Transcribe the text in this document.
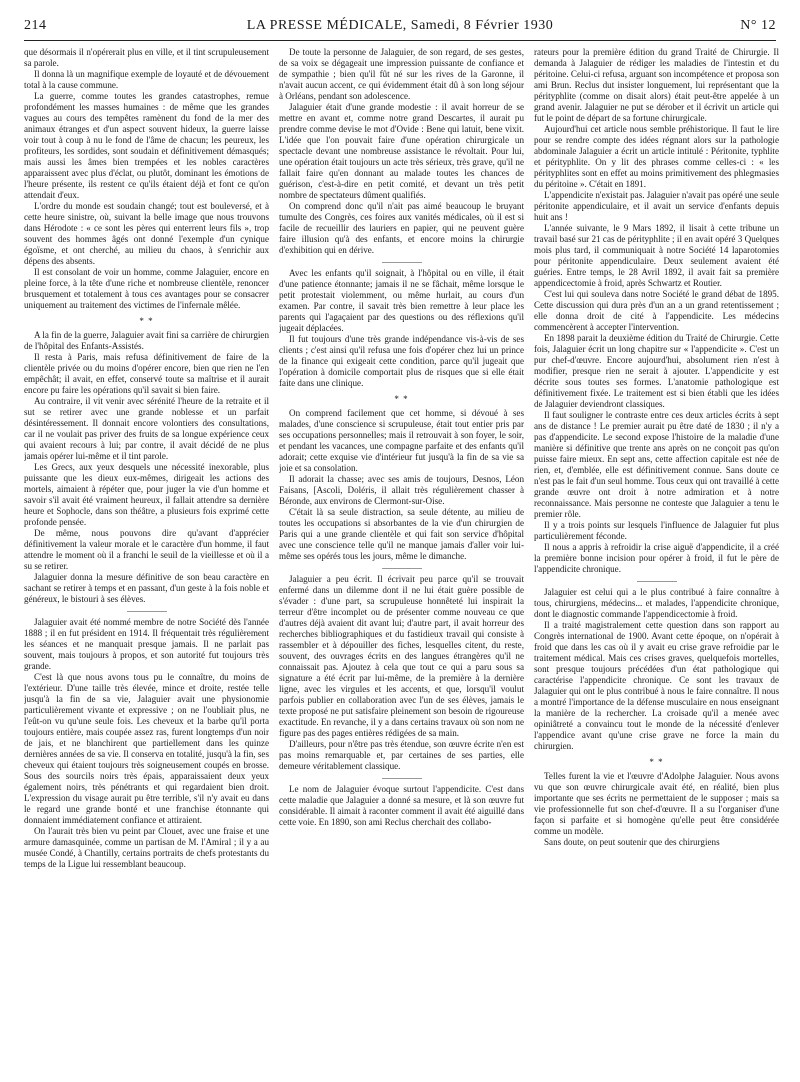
214	LA PRESSE MÉDICALE, Samedi, 8 Février 1930	N° 12

que désormais il n'opérerait plus en ville, et il tint scrupuleusement sa parole.

Il donna là un magnifique exemple de loyauté et de dévouement total à la cause commune.

La guerre, comme toutes les grandes catastrophes, remue profondément les masses humaines : de même que les grandes vagues au cours des tempêtes ramènent du fond de la mer des animaux étranges et d'un aspect souvent hideux, la guerre laisse voir tout à coup à nu le fond de l'âme de chacun; les peureux, les profiteurs, les sordides, sont soudain et définitivement démasqués; mais aussi les âmes bien trempées et les nobles caractères apparaissent avec plus d'éclat, ou plutôt, dominant les émotions de l'heure présente, ils restent ce qu'ils étaient déjà et font ce qu'on attendait d'eux.

L'ordre du monde est soudain changé; tout est bouleversé, et à cette heure sinistre, où, suivant la belle image que nous trouvons dans Hérodote : « ce sont les pères qui enterrent leurs fils », trop souvent des hommes âgés ont donné l'exemple d'un cynique égoïsme, et ont cherché, au milieu du chaos, à s'enrichir aux dépens des absents.

Il est consolant de voir un homme, comme Jalaguier, encore en pleine force, à la tête d'une riche et nombreuse clientèle, renoncer brusquement et totalement à tous ces avantages pour se consacrer uniquement au traitement des victimes de l'infernale mêlée.

* *

A la fin de la guerre, Jalaguier avait fini sa carrière de chirurgien de l'hôpital des Enfants-Assistés.

Il resta à Paris, mais refusa définitivement de faire de la clientèle privée ou du moins d'opérer encore, bien que rien ne l'en empêchât; il avait, en effet, conservé toute sa maîtrise et il aurait encore pu faire les opérations qu'il savait si bien faire.

Au contraire, il vit venir avec sérénité l'heure de la retraite et il sut se retirer avec une grande noblesse et un parfait désintéressement. Il donnait encore volontiers des consultations, car il ne voulait pas priver des fruits de sa longue expérience ceux qui avaient recours à lui; par contre, il avait décidé de ne plus jamais opérer lui-même et il tint parole.

Les Grecs, aux yeux desquels une nécessité inexorable, plus puissante que les dieux eux-mêmes, dirigeait les actions des mortels, aimaient à répéter que, pour juger la vie d'un homme et savoir s'il avait été vraiment heureux, il fallait attendre sa dernière heure et Sophocle, dans son théâtre, a plusieurs fois exprimé cette profonde pensée.

De même, nous pouvons dire qu'avant d'apprécier définitivement la valeur morale et le caractère d'un homme, il faut attendre le moment où il a franchi le seuil de la vieillesse et où il a su se retirer.

Jalaguier donna la mesure définitive de son beau caractère en sachant se retirer à temps et en passant, d'un geste à la fois noble et généreux, le bistouri à ses élèves.

Jalaguier avait été nommé membre de notre Société dès l'année 1888 ; il en fut président en 1914. Il fréquentait très régulièrement les séances et ne manquait presque jamais. Il ne parlait pas souvent, mais toujours à propos, et son autorité fut toujours très grande.

C'est là que nous avons tous pu le connaître, du moins de l'extérieur. D'une taille très élevée, mince et droite, restée telle jusqu'à la fin de sa vie, Jalaguier avait une physionomie particulièrement vivante et expressive ; on ne l'oubliait plus, ne l'eût-on vu qu'une seule fois. Les cheveux et la barbe qu'il porta toujours entière, mais coupée assez ras, furent longtemps d'un noir de jais, et ne blanchirent que partiellement dans les quinze dernières années de sa vie. Il conserva en totalité, jusqu'à la fin, ses cheveux qui étaient toujours très soigneusement coupés en brosse. Sous des sourcils noirs très épais, apparaissaient deux yeux également noirs, très pénétrants et qui regardaient bien droit. L'expression du visage aurait pu être terrible, s'il n'y avait eu dans le regard une grande bonté et une franchise étonnante qui donnaient immédiatement confiance et attiraient.

On l'aurait très bien vu peint par Clouet, avec une fraise et une armure damasquinée, comme un partisan de M. l'Amiral ; il y a au musée Condé, à Chantilly, certains portraits de chefs protestants du temps de la Ligue lui ressemblant beaucoup.

De toute la personne de Jalaguier, de son regard, de ses gestes, de sa voix se dégageait une impression puissante de confiance et de sympathie ; bien qu'il fût né sur les rives de la Garonne, il n'avait aucun accent, ce qui évidemment était dû à son long séjour à Orléans, pendant son adolescence.

Jalaguier était d'une grande modestie : il avait horreur de se mettre en avant et, comme notre grand Descartes, il aurait pu prendre comme devise le mot d'Ovide : Bene qui latuit, bene vixit. L'idée que l'on pouvait faire d'une opération chirurgicale un spectacle devant une nombreuse assistance le révoltait. Pour lui, une opération était toujours un acte très sérieux, très grave, qu'il ne fallait faire qu'en donnant au malade toutes les chances de guérison, c'est-à-dire en petit comité, et devant un très petit nombre de spectateurs dûment qualifiés.

On comprend donc qu'il n'ait pas aimé beaucoup le bruyant tumulte des Congrès, ces foires aux vanités médicales, où il est si facile de recueillir des lauriers en papier, qui ne peuvent guère faire illusion qu'à des enfants, et encore moins la chirurgie d'exhibition qui en dérive.

Avec les enfants qu'il soignait, à l'hôpital ou en ville, il était d'une patience étonnante; jamais il ne se fâchait, même lorsque le petit protestait violemment, ou même hurlait, au cours d'un examen. Par contre, il savait très bien remettre à leur place les parents qui l'agaçaient par des questions ou des réflexions qu'il jugeait déplacées.

Il fut toujours d'une très grande indépendance vis-à-vis de ses clients ; c'est ainsi qu'il refusa une fois d'opérer chez lui un prince de la finance qui exigeait cette condition, parce qu'il jugeait que l'opération à domicile comportait plus de risques que si elle était faite dans une clinique.

* *

On comprend facilement que cet homme, si dévoué à ses malades, d'une conscience si scrupuleuse, était tout entier pris par ses occupations personnelles; mais il retrouvait à son foyer, le soir, et pendant les vacances, une compagne parfaite et des enfants qu'il adorait; cette exquise vie d'intérieur fut jusqu'à la fin de sa vie sa joie et sa consolation.

Il adorait la chasse; avec ses amis de toujours, Desnos, Léon Faisans, [Ascoli, Doléris, il allait très régulièrement chasser à Béronde, aux environs de Clermont-sur-Oise.

C'était là sa seule distraction, sa seule détente, au milieu de toutes les occupations si absorbantes de la vie d'un chirurgien de Paris qui a une grande clientèle et qui fait son service d'hôpital avec une conscience telle qu'il ne manque jamais d'aller voir lui-même ses opérés tous les jours, même le dimanche.

Jalaguier a peu écrit. Il écrivait peu parce qu'il se trouvait enfermé dans un dilemme dont il ne lui était guère possible de s'évader : d'une part, sa scrupuleuse honnêteté lui inspirait la terreur d'être incomplet ou de présenter comme nouveau ce que d'autres déjà avaient dit avant lui; d'autre part, il avait horreur des recherches bibliographiques et du fastidieux travail qui consiste à rassembler et à dépouiller des fiches, lesquelles citent, du reste, souvent, des ouvrages écrits en des langues étrangères qu'il ne connaissait pas. Ajoutez à cela que tout ce qui a paru sous sa signature a été écrit par lui-même, de la première à la dernière ligne, avec les virgules et les accents, et que, lorsqu'il voulut parfois publier en collaboration avec l'un de ses élèves, jamais le texte proposé ne put satisfaire pleinement son besoin de rigoureuse exactitude. En revanche, il y a dans certains travaux où son nom ne figure pas des pages entières rédigées de sa main.

D'ailleurs, pour n'être pas très étendue, son œuvre écrite n'en est pas moins remarquable et, par certaines de ses parties, elle demeure véritablement classique.

Le nom de Jalaguier évoque surtout l'appendicite. C'est dans cette maladie que Jalaguier a donné sa mesure, et là son œuvre fut considérable. Il aimait à raconter comment il avait été aiguillé dans cette voie. En 1890, son ami Reclus cherchait des collabo-

rateurs pour la première édition du grand Traité de Chirurgie. Il demanda à Jalaguier de rédiger les maladies de l'intestin et du péritoine. Celui-ci refusa, arguant son incompétence et proposa son ami Brun. Reclus dut insister longuement, lui représentant que la pérityphlite (comme on disait alors) était peut-être appelée à un grand avenir. Jalaguier ne put se dérober et il écrivit un article qui fut le point de départ de sa fortune chirurgicale.

Aujourd'hui cet article nous semble préhistorique. Il faut le lire pour se rendre compte des idées régnant alors sur la pathologie abdominale Jalaguier a écrit un article intitulé : Péritonite, typhlite et pérityphlite. On y lit des phrases comme celles-ci : « les pérityphlites sont en effet au moins primitivement des phlegmasies du péritoine ». C'était en 1891.

L'appendicite n'existait pas. Jalaguier n'avait pas opéré une seule péritonite appendiculaire, et il avait un service d'enfants depuis huit ans !

L'année suivante, le 9 Mars 1892, il lisait à cette tribune un travail basé sur 21 cas de pérityphlite ; il en avait opéré 3 Quelques mois plus tard, il communiquait à notre Société 14 laparotomies pour péritonite appendiculaire. Deux seulement avaient été guéries. Entre temps, le 28 Avril 1892, il avait fait sa première appendicectomie à froid, après Schwartz et Routier.

C'est lui qui souleva dans notre Société le grand débat de 1895. Cette discussion qui dura près d'un an a un grand retentissement ; elle donna droit de cité à l'appendicite. Les médecins commencèrent à accepter l'intervention.

En 1898 parait la deuxième édition du Traité de Chirurgie. Cette fois, Jalaguier écrit un long chapitre sur « l'appendicite ». C'est un pur chef-d'œuvre. Encore aujourd'hui, absolument rien n'est à modifier, presque rien ne serait à ajouter. L'appendicite y est décrite sous toutes ses formes. L'anatomie pathologique est définitivement fixée. Le traitement est si bien établi que les idées de Jalaguier deviendront classiques.

Il faut souligner le contraste entre ces deux articles écrits à sept ans de distance ! Le premier aurait pu être daté de 1830 ; il n'y a pas d'appendicite. Le second expose l'histoire de la maladie d'une manière si définitive que trente ans après on ne conçoit pas qu'on puisse faire mieux. En sept ans, cette affection capitale est née de rien, et, d'emblée, elle est définitivement connue. Sans doute ce n'est pas le fait d'un seul homme. Tous ceux qui ont travaillé à cette grande œuvre ont droit à notre admiration et à notre reconnaissance. Mais personne ne conteste que Jalaguier a tenu le premier rôle.

Il y a trois points sur lesquels l'influence de Jalaguier fut plus particulièrement féconde.

Il nous a appris à refroidir la crise aiguë d'appendicite, il a créé la première bonne incision pour opérer à froid, il fut le père de l'appendicite chronique.

Jalaguier est celui qui a le plus contribué à faire connaître à tous, chirurgiens, médecins... et malades, l'appendicite chronique, dont le diagnostic commande l'appendicectomie à froid.

Il a traité magistralement cette question dans son rapport au Congrès international de 1900. Avant cette époque, on n'opérait à froid que dans les cas où il y avait eu crise grave refroidie par le traitement médical. Mais ces crises graves, quelquefois mortelles, sont presque toujours précédées d'un état pathologique qui caractérise l'appendicite chronique. Ce sont les travaux de Jalaguier qui ont le plus contribué à nous le faire connaître. Il nous a montré l'importance de la défense musculaire en nous enseignant la manière de la rechercher. La croisade qu'il a menée avec opiniâtreté a convaincu tout le monde de la nécessité d'enlever l'appendice avant qu'une crise grave ne force la main du chirurgien.

* *

Telles furent la vie et l'œuvre d'Adolphe Jalaguier. Nous avons vu que son œuvre chirurgicale avait été, en réalité, bien plus importante que ses écrits ne permettaient de le supposer ; mais sa vie professionnelle fut son chef-d'œuvre. Il a su l'organiser d'une façon si parfaite et si homogène qu'elle peut être considérée comme un modèle.

Sans doute, on peut soutenir que des chirurgiens
